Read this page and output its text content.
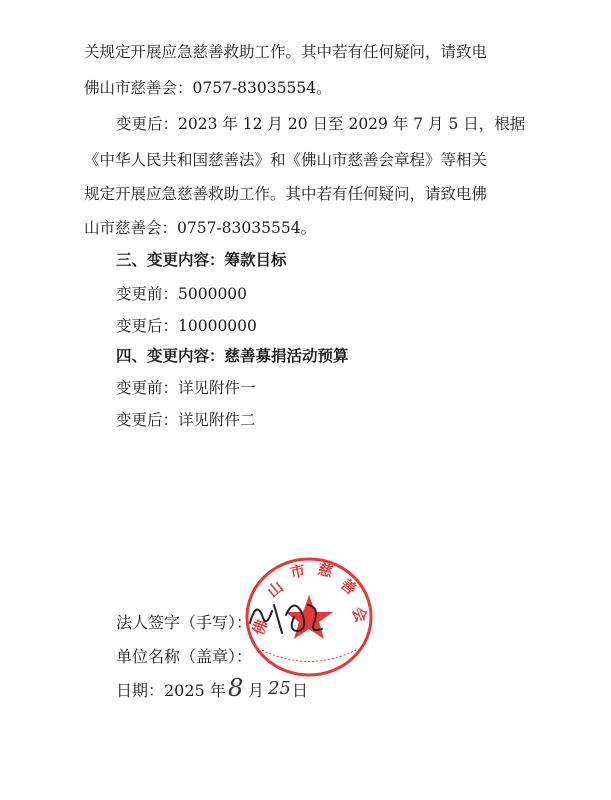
关规定开展应急慈善救助工作。其中若有任何疑问，请致电
佛山市慈善会：0757-83035554。
变更后：2023 年 12 月 20 日至 2029 年 7 月 5 日，根据
《中华人民共和国慈善法》和《佛山市慈善会章程》等相关
规定开展应急慈善救助工作。其中若有任何疑问，请致电佛
山市慈善会：0757-83035554。
三、变更内容：筹款目标
变更前：5000000
变更后：10000000
四、变更内容：慈善募捐活动预算
变更前：详见附件一
变更后：详见附件二
法人签字（手写）：
单位名称（盖章）：
日期：2025 年 月 日
8 25
佛
山
市 慈
善
会
